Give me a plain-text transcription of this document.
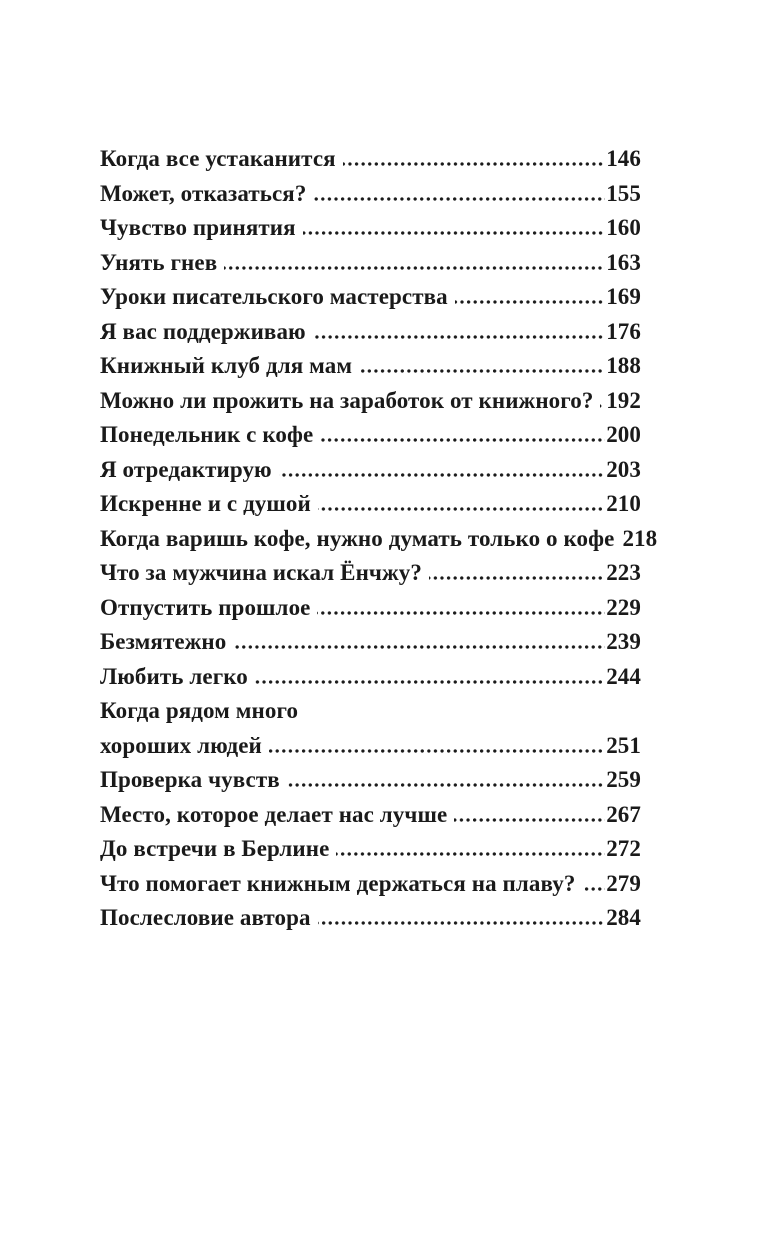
Когда все устаканится	146
Может, отказаться?	155
Чувство принятия	160
Унять гнев	163
Уроки писательского мастерства	169
Я вас поддерживаю	176
Книжный клуб для мам	188
Можно ли прожить на заработок от книжного? 192
Понедельник с кофе	200
Я отредактирую	203
Искренне и с душой	210
Когда варишь кофе, нужно думать только о кофе 218
Что за мужчина искал Ёнчжу?	223
Отпустить прошлое	229
Безмятежно	239
Любить легко	244
Когда рядом много
хороших людей	251
Проверка чувств	259
Место, которое делает нас лучше	267
До встречи в Берлине	272
Что помогает книжным держаться на плаву? 279
Послесловие автора	284
